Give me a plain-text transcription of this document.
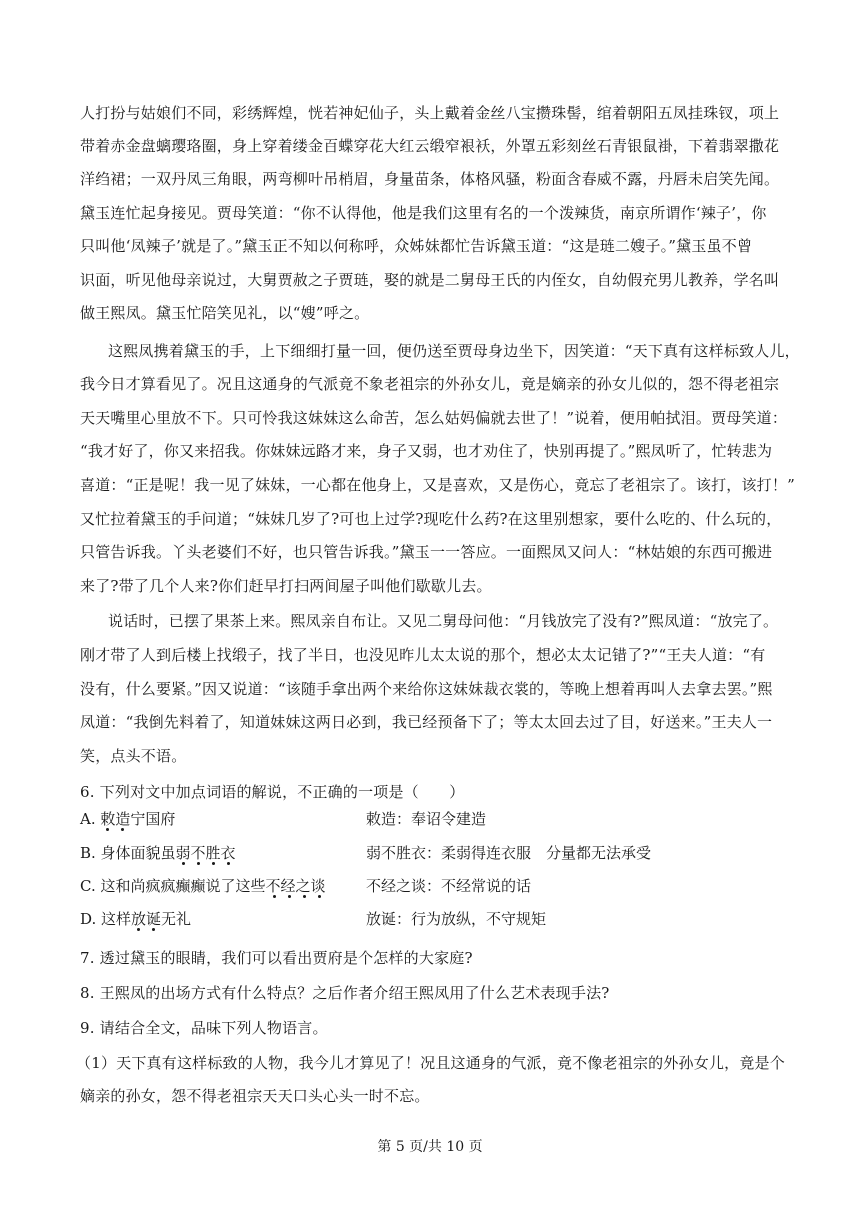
人打扮与姑娘们不同，彩绣辉煌，恍若神妃仙子，头上戴着金丝八宝攒珠髻，绾着朝阳五凤挂珠钗，项上
带着赤金盘螭璎珞圈，身上穿着缕金百蝶穿花大红云缎窄裉袄，外罩五彩刻丝石青银鼠褂，下着翡翠撒花
洋绉裙；一双丹凤三角眼，两弯柳叶吊梢眉，身量苗条，体格风骚，粉面含春威不露，丹唇未启笑先闻。
黛玉连忙起身接见。贾母笑道：“你不认得他，他是我们这里有名的一个泼辣货，南京所谓作‘辣子’，你
只叫他‘凤辣子’就是了。”黛玉正不知以何称呼，众姊妹都忙告诉黛玉道：“这是琏二嫂子。”黛玉虽不曾
识面，听见他母亲说过，大舅贾赦之子贾琏，娶的就是二舅母王氏的内侄女，自幼假充男儿教养，学名叫
做王熙凤。黛玉忙陪笑见礼，以“嫂”呼之。
这熙凤携着黛玉的手，上下细细打量一回，便仍送至贾母身边坐下，因笑道：“天下真有这样标致人儿，
我今日才算看见了。况且这通身的气派竟不象老祖宗的外孙女儿，竟是嫡亲的孙女儿似的，怨不得老祖宗
天天嘴里心里放不下。只可怜我这妹妹这么命苦，怎么姑妈偏就去世了！”说着，便用帕拭泪。贾母笑道：
“我才好了，你又来招我。你妹妹远路才来，身子又弱，也才劝住了，快别再提了。”熙凤听了，忙转悲为
喜道：“正是呢！我一见了妹妹，一心都在他身上，又是喜欢，又是伤心，竟忘了老祖宗了。该打，该打！”
又忙拉着黛玉的手问道；“妹妹几岁了?可也上过学?现吃什么药?在这里别想家，要什么吃的、什么玩的，
只管告诉我。丫头老婆们不好，也只管告诉我。”黛玉一一答应。一面熙凤又问人：“林姑娘的东西可搬进
来了?带了几个人来?你们赶早打扫两间屋子叫他们歇歇儿去。
说话时，已摆了果茶上来。熙凤亲自布让。又见二舅母问他：“月钱放完了没有?”熙凤道：“放完了。
刚才带了人到后楼上找缎子，找了半日，也没见昨儿太太说的那个，想必太太记错了?”“王夫人道：“有
没有，什么要紧。”因又说道：“该随手拿出两个来给你这妹妹裁衣裳的，等晚上想着再叫人去拿去罢。”熙
凤道：“我倒先料着了，知道妹妹这两日必到，我已经预备下了；等太太回去过了目，好送来。”王夫人一
笑，点头不语。
6. 下列对文中加点词语的解说，不正确的一项是（　　）
A. 敕造宁国府	敕造：奉诏令建造
B. 身体面貌虽弱不胜衣	弱不胜衣：柔弱得连衣服　分量都无法承受
C. 这和尚疯疯癫癫说了这些不经之谈	不经之谈：不经常说的话
D. 这样放诞无礼	放诞：行为放纵，不守规矩
7. 透过黛玉的眼睛，我们可以看出贾府是个怎样的大家庭?
8. 王熙凤的出场方式有什么特点？之后作者介绍王熙凤用了什么艺术表现手法?
9. 请结合全文，品味下列人物语言。
（1）天下真有这样标致的人物，我今儿才算见了！况且这通身的气派，竟不像老祖宗的外孙女儿，竟是个
嫡亲的孙女，怨不得老祖宗天天口头心头一时不忘。
第 5 页/共 10 页
